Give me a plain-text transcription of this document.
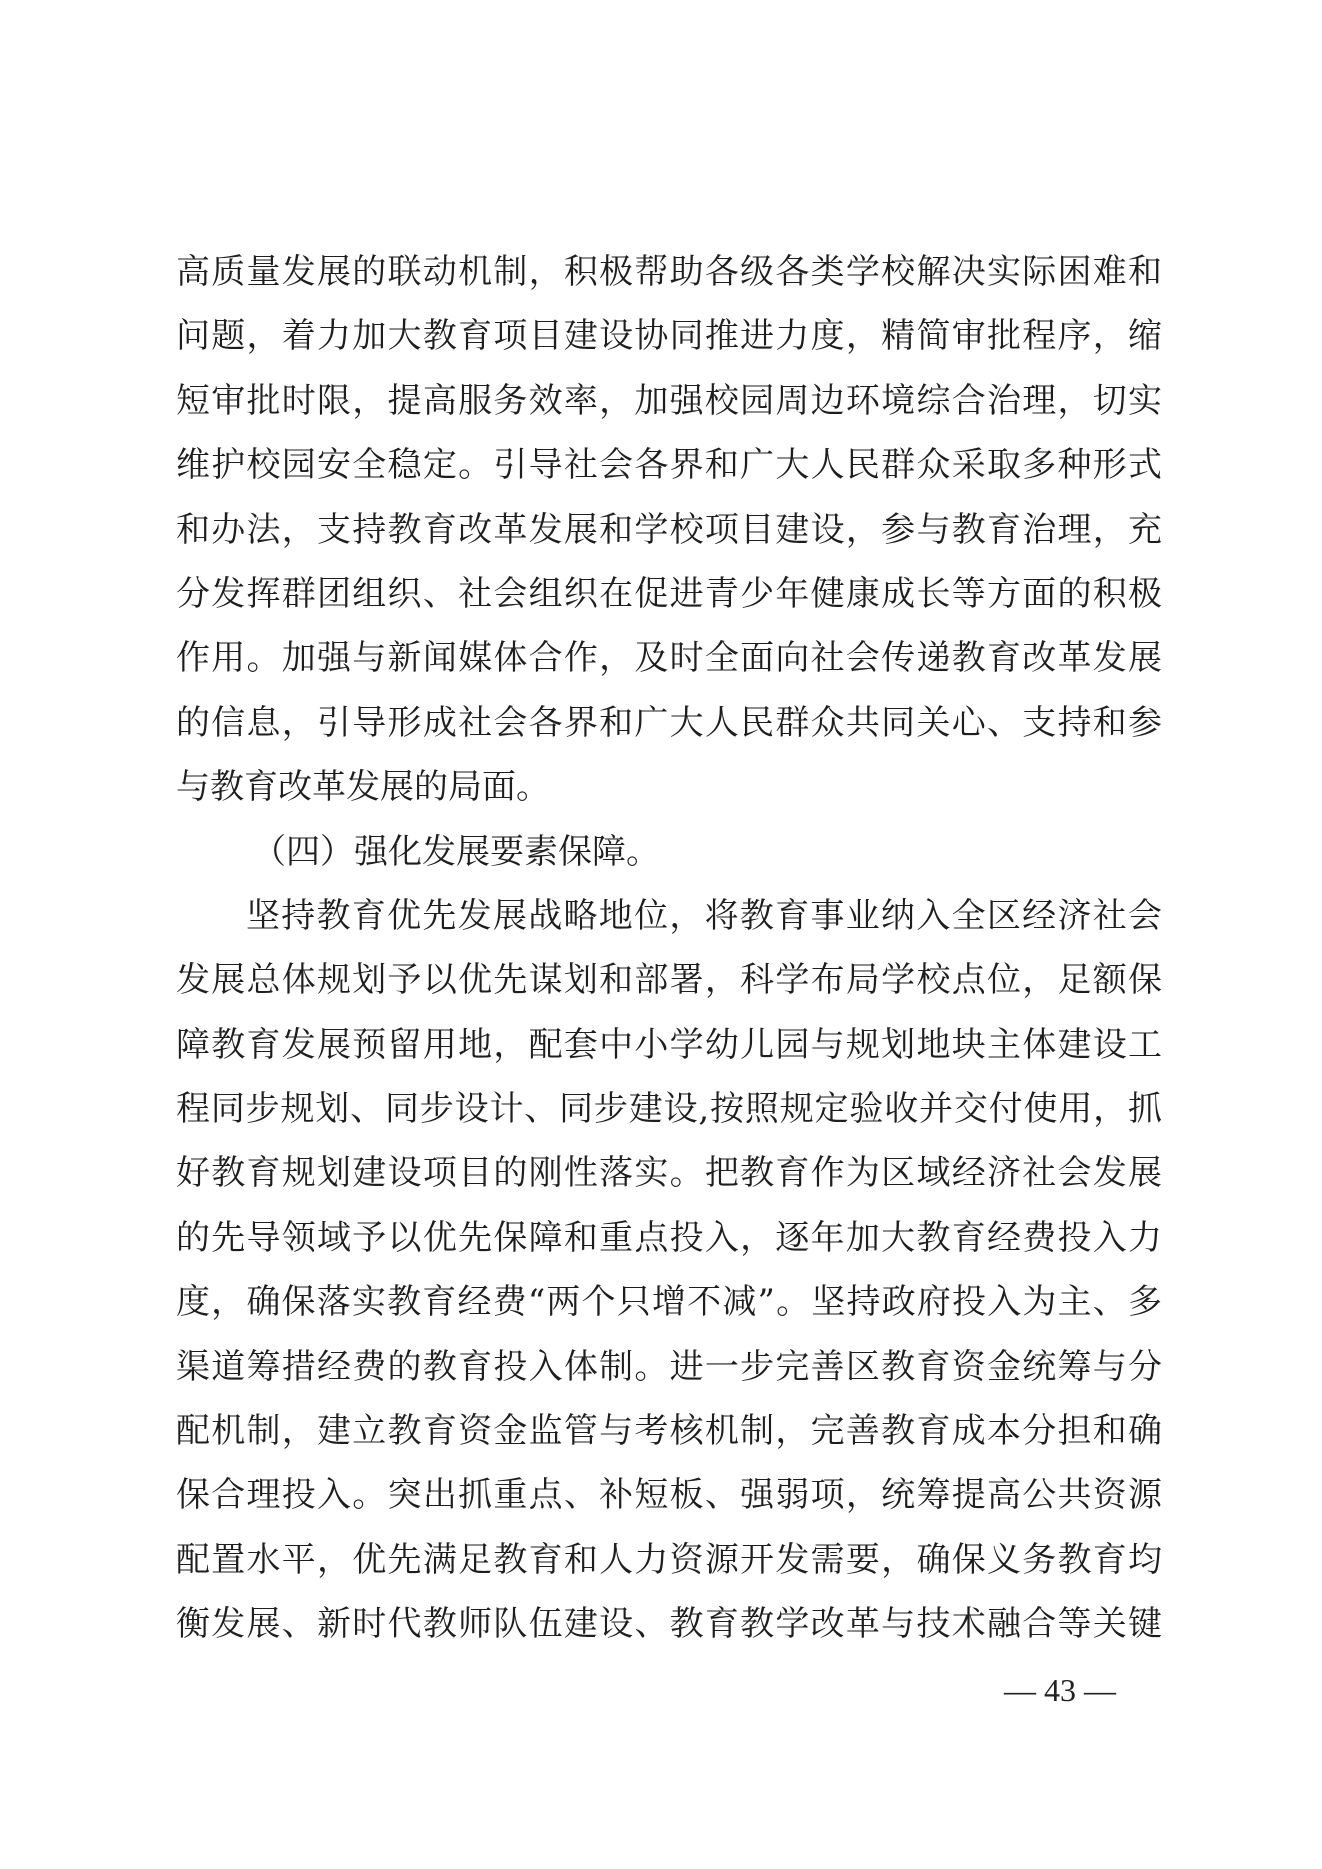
高质量发展的联动机制，积极帮助各级各类学校解决实际困难和
问题，着力加大教育项目建设协同推进力度，精简审批程序，缩
短审批时限，提高服务效率，加强校园周边环境综合治理，切实
维护校园安全稳定。引导社会各界和广大人民群众采取多种形式
和办法，支持教育改革发展和学校项目建设，参与教育治理，充
分发挥群团组织、社会组织在促进青少年健康成长等方面的积极
作用。加强与新闻媒体合作，及时全面向社会传递教育改革发展
的信息，引导形成社会各界和广大人民群众共同关心、支持和参
与教育改革发展的局面。
（四）强化发展要素保障。
坚持教育优先发展战略地位，将教育事业纳入全区经济社会
发展总体规划予以优先谋划和部署，科学布局学校点位，足额保
障教育发展预留用地，配套中小学幼儿园与规划地块主体建设工
程同步规划、同步设计、同步建设,按照规定验收并交付使用，抓
好教育规划建设项目的刚性落实。把教育作为区域经济社会发展
的先导领域予以优先保障和重点投入，逐年加大教育经费投入力
度，确保落实教育经费“两个只增不减”。坚持政府投入为主、多
渠道筹措经费的教育投入体制。进一步完善区教育资金统筹与分
配机制，建立教育资金监管与考核机制，完善教育成本分担和确
保合理投入。突出抓重点、补短板、强弱项，统筹提高公共资源
配置水平，优先满足教育和人力资源开发需要，确保义务教育均
衡发展、新时代教师队伍建设、教育教学改革与技术融合等关键
— 43 —
